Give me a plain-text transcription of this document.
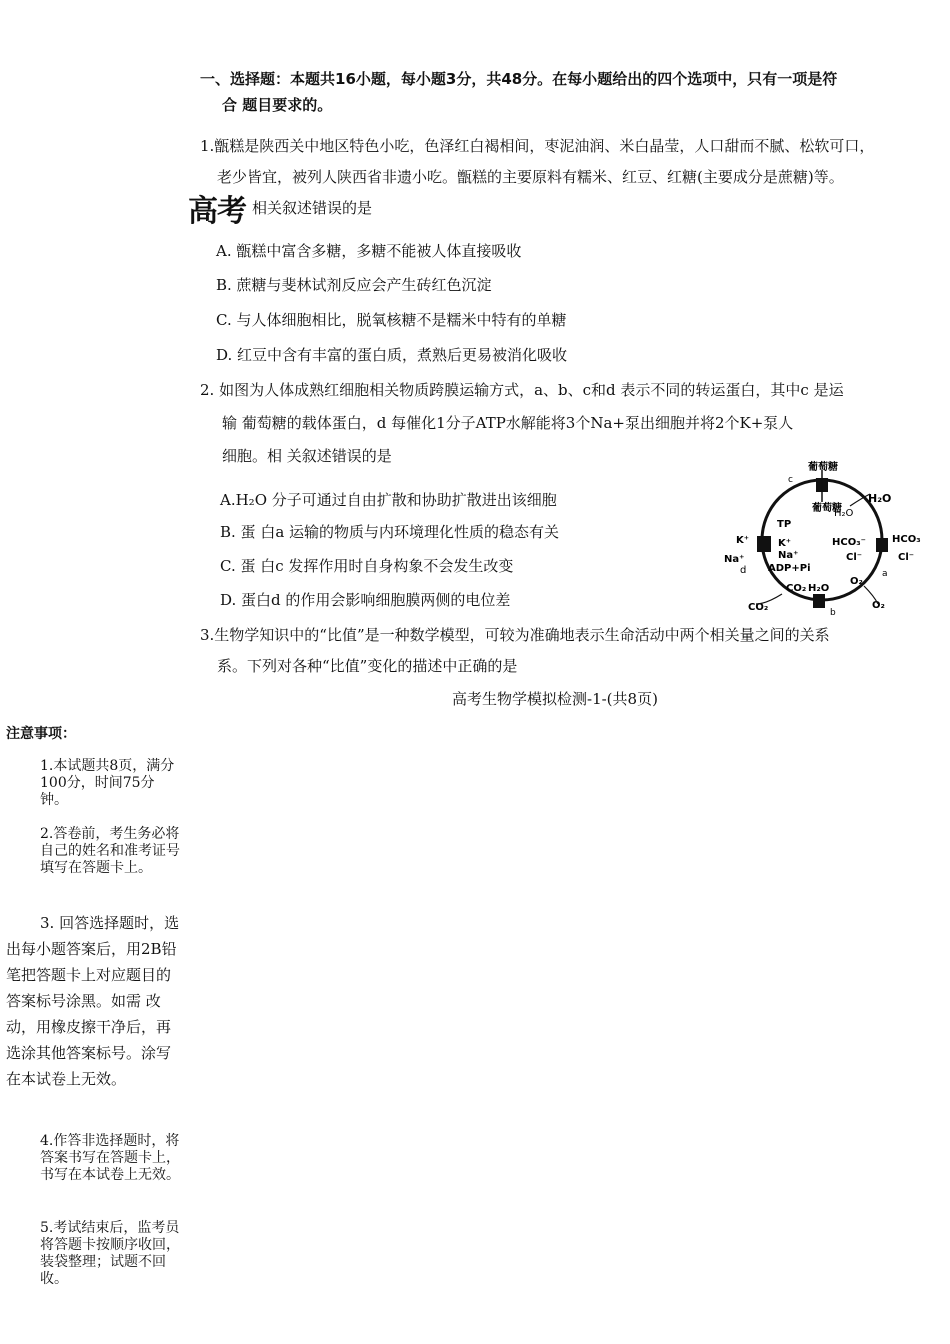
一、选择题：本题共16小题，每小题3分，共48分。在每小题给出的四个选项中，只有一项是符
合 题目要求的。
1.甑糕是陕西关中地区特色小吃，色泽红白褐相间，枣泥油润、米白晶莹，人口甜而不腻、松软可口，
老少皆宜，被列人陕西省非遗小吃。甑糕的主要原料有糯米、红豆、红糖(主要成分是蔗糖)等。
相关叙述错误的是
高考
A. 甑糕中富含多糖，多糖不能被人体直接吸收
B. 蔗糖与斐林试剂反应会产生砖红色沉淀
C. 与人体细胞相比，脱氧核糖不是糯米中特有的单糖
D. 红豆中含有丰富的蛋白质，煮熟后更易被消化吸收
2. 如图为人体成熟红细胞相关物质跨膜运输方式，a、b、c和d 表示不同的转运蛋白，其中c 是运
输 葡萄糖的载体蛋白，d 每催化1分子ATP水解能将3个Na+泵出细胞并将2个K+泵人
细胞。相 关叙述错误的是
A.H₂O 分子可通过自由扩散和协助扩散进出该细胞
B. 蛋 白a 运输的物质与内环境理化性质的稳态有关
C. 蛋 白c 发挥作用时自身构象不会发生改变
D. 蛋白d 的作用会影响细胞膜两侧的电位差
葡萄糖
葡萄糖
c
H₂O
H₂O
K⁺
Na⁺
TP
K⁺
Na⁺
ADP+Pi
d
HCO₃⁻
Cl⁻
HCO₃
Cl⁻
a
O₂
O₂
CO₂ H₂O
CO₂	b
3.生物学知识中的“比值”是一种数学模型，可较为准确地表示生命活动中两个相关量之间的关系
系。下列对各种“比值”变化的描述中正确的是
高考生物学模拟检测-1-(共8页)
注意事项：
1.本试题共8页，满分100分，时间75分钟。
2.答卷前，考生务必将自己的姓名和准考证号填写在答题卡上。
3. 回答选择题时，选出每小题答案后，用2B铅笔把答题卡上对应题目的答案标号涂黑。如需 改动，用橡皮擦干净后，再选涂其他答案标号。涂写在本试卷上无效。
4.作答非选择题时，将答案书写在答题卡上，书写在本试卷上无效。
5.考试结束后，监考员将答题卡按顺序收回，装袋整理；试题不回收。
